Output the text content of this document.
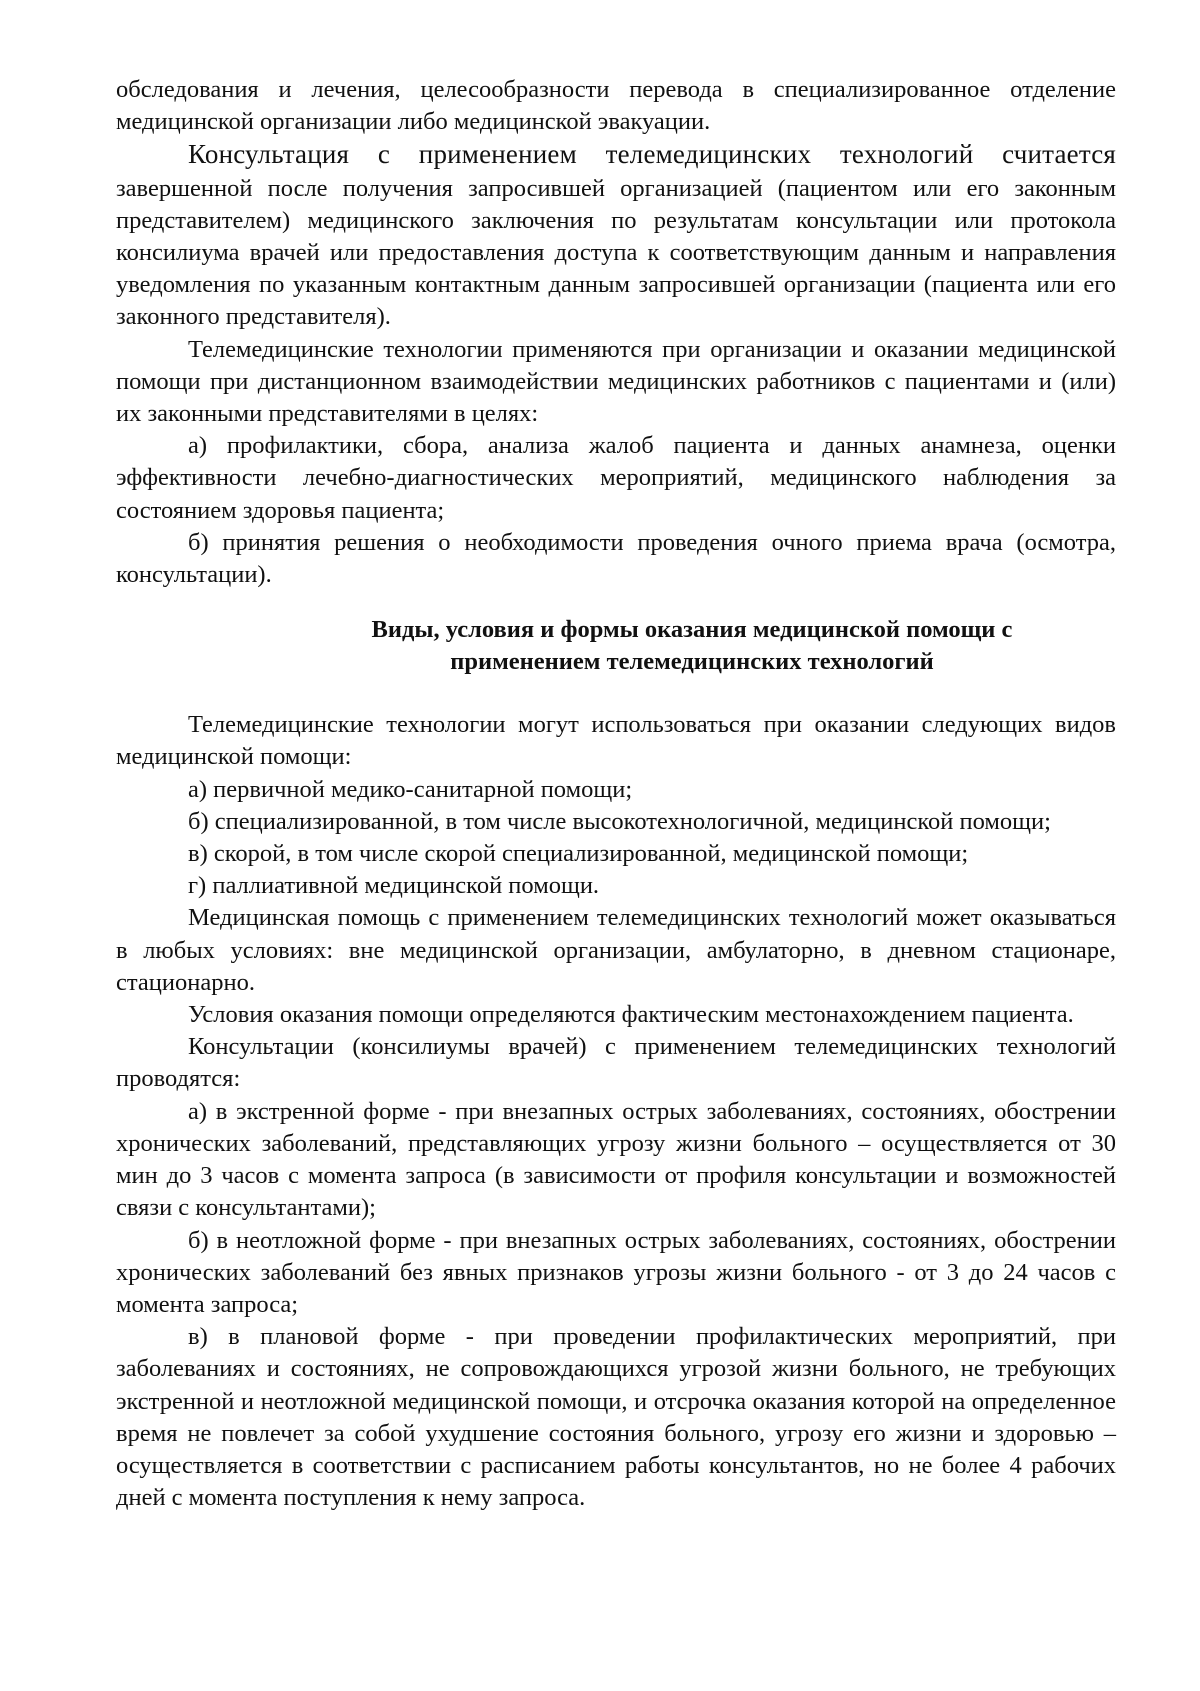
обследования и лечения, целесообразности перевода в специализированное отделение медицинской организации либо медицинской эвакуации.

Консультация с применением телемедицинских технологий считается завершенной после получения запросившей организацией (пациентом или его законным представителем) медицинского заключения по результатам консультации или протокола консилиума врачей или предоставления доступа к соответствующим данным и направления уведомления по указанным контактным данным запросившей организации (пациента или его законного представителя).

Телемедицинские технологии применяются при организации и оказании медицинской помощи при дистанционном взаимодействии медицинских работников с пациентами и (или) их законными представителями в целях:

а) профилактики, сбора, анализа жалоб пациента и данных анамнеза, оценки эффективности лечебно-диагностических мероприятий, медицинского наблюдения за состоянием здоровья пациента;

б) принятия решения о необходимости проведения очного приема врача (осмотра, консультации).

Виды, условия и формы оказания медицинской помощи с
применением телемедицинских технологий

Телемедицинские технологии могут использоваться при оказании следующих видов медицинской помощи:

а) первичной медико-санитарной помощи;

б) специализированной, в том числе высокотехнологичной, медицинской помощи;

в) скорой, в том числе скорой специализированной, медицинской помощи;

г) паллиативной медицинской помощи.

Медицинская помощь с применением телемедицинских технологий может оказываться в любых условиях: вне медицинской организации, амбулаторно, в дневном стационаре, стационарно.

Условия оказания помощи определяются фактическим местонахождением пациента.

Консультации (консилиумы врачей) с применением телемедицинских технологий проводятся:

а) в экстренной форме - при внезапных острых заболеваниях, состояниях, обострении хронических заболеваний, представляющих угрозу жизни больного – осуществляется от 30 мин до 3 часов с момента запроса (в зависимости от профиля консультации и возможностей связи с консультантами);

б) в неотложной форме - при внезапных острых заболеваниях, состояниях, обострении хронических заболеваний без явных признаков угрозы жизни больного - от 3 до 24 часов с момента запроса;

в) в плановой форме - при проведении профилактических мероприятий, при заболеваниях и состояниях, не сопровождающихся угрозой жизни больного, не требующих экстренной и неотложной медицинской помощи, и отсрочка оказания которой на определенное время не повлечет за собой ухудшение состояния больного, угрозу его жизни и здоровью – осуществляется в соответствии с расписанием работы консультантов, но не более 4 рабочих дней с момента поступления к нему запроса.
